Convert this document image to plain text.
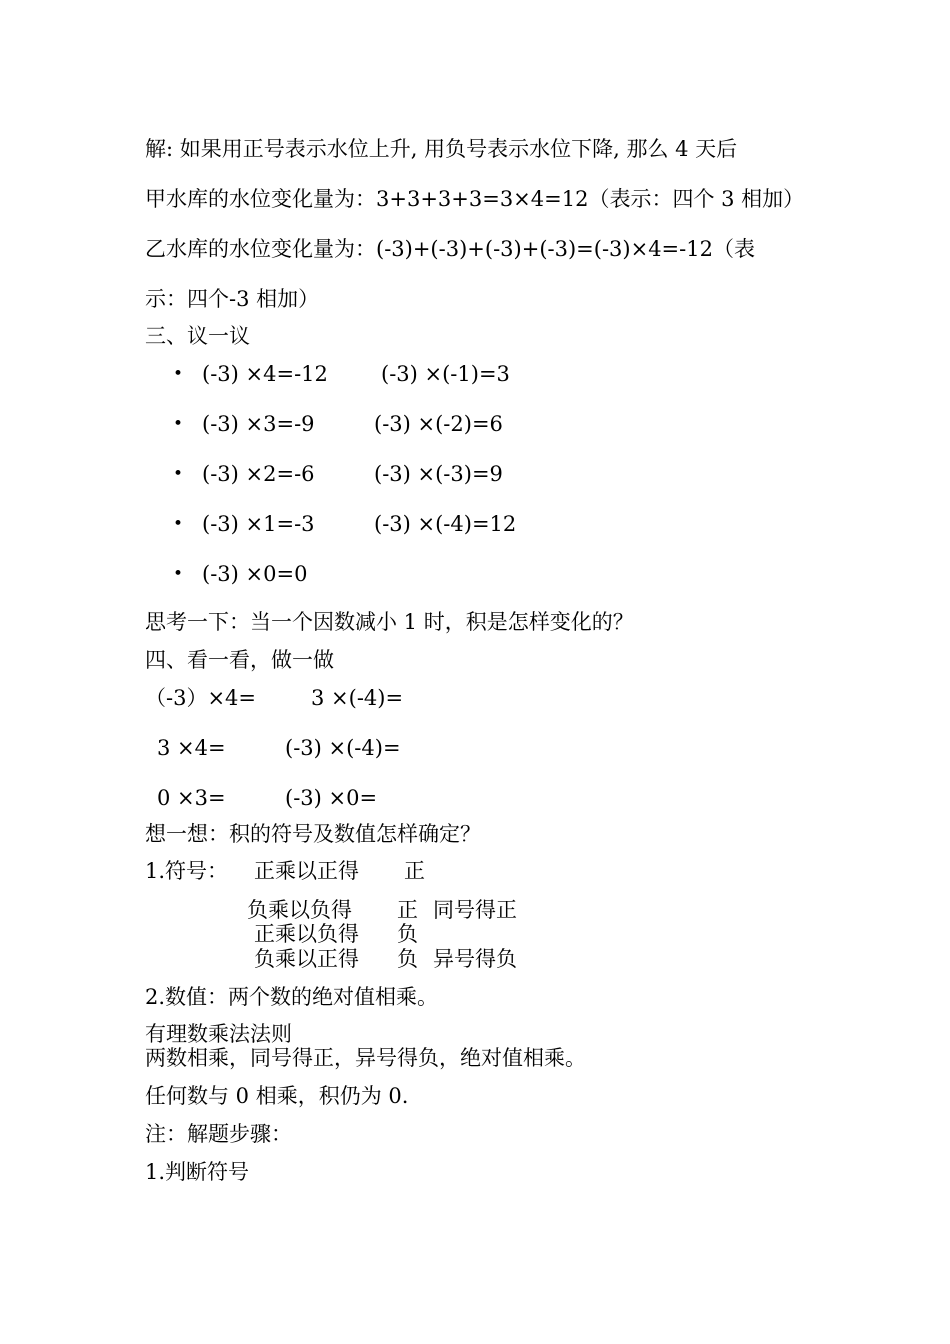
解: 如果用正号表示水位上升, 用负号表示水位下降, 那么 4 天后
甲水库的水位变化量为：3+3+3+3=3×4=12（表示：四个 3 相加）
乙水库的水位变化量为：(-3)+(-3)+(-3)+(-3)=(-3)×4=-12（表
示：四个-3 相加）
三、议一议
• (-3) ×4=-12	(-3) ×(-1)=3
• (-3) ×3=-9	(-3) ×(-2)=6
• (-3) ×2=-6	(-3) ×(-3)=9
• (-3) ×1=-3	(-3) ×(-4)=12
• (-3) ×0=0
思考一下：当一个因数减小 1 时，积是怎样变化的？
四、看一看，做一做
（-3）×4=	3 ×(-4)=
3 ×4=	(-3) ×(-4)=
0 ×3=	(-3) ×0=
想一想：积的符号及数值怎样确定？
1.符号： 正乘以正得 正
负乘以负得 正 同号得正
正乘以负得 负
负乘以正得 负 异号得负
2.数值：两个数的绝对值相乘。
有理数乘法法则
两数相乘，同号得正，异号得负，绝对值相乘。
任何数与 0 相乘，积仍为 0.
注：解题步骤：
1.判断符号
